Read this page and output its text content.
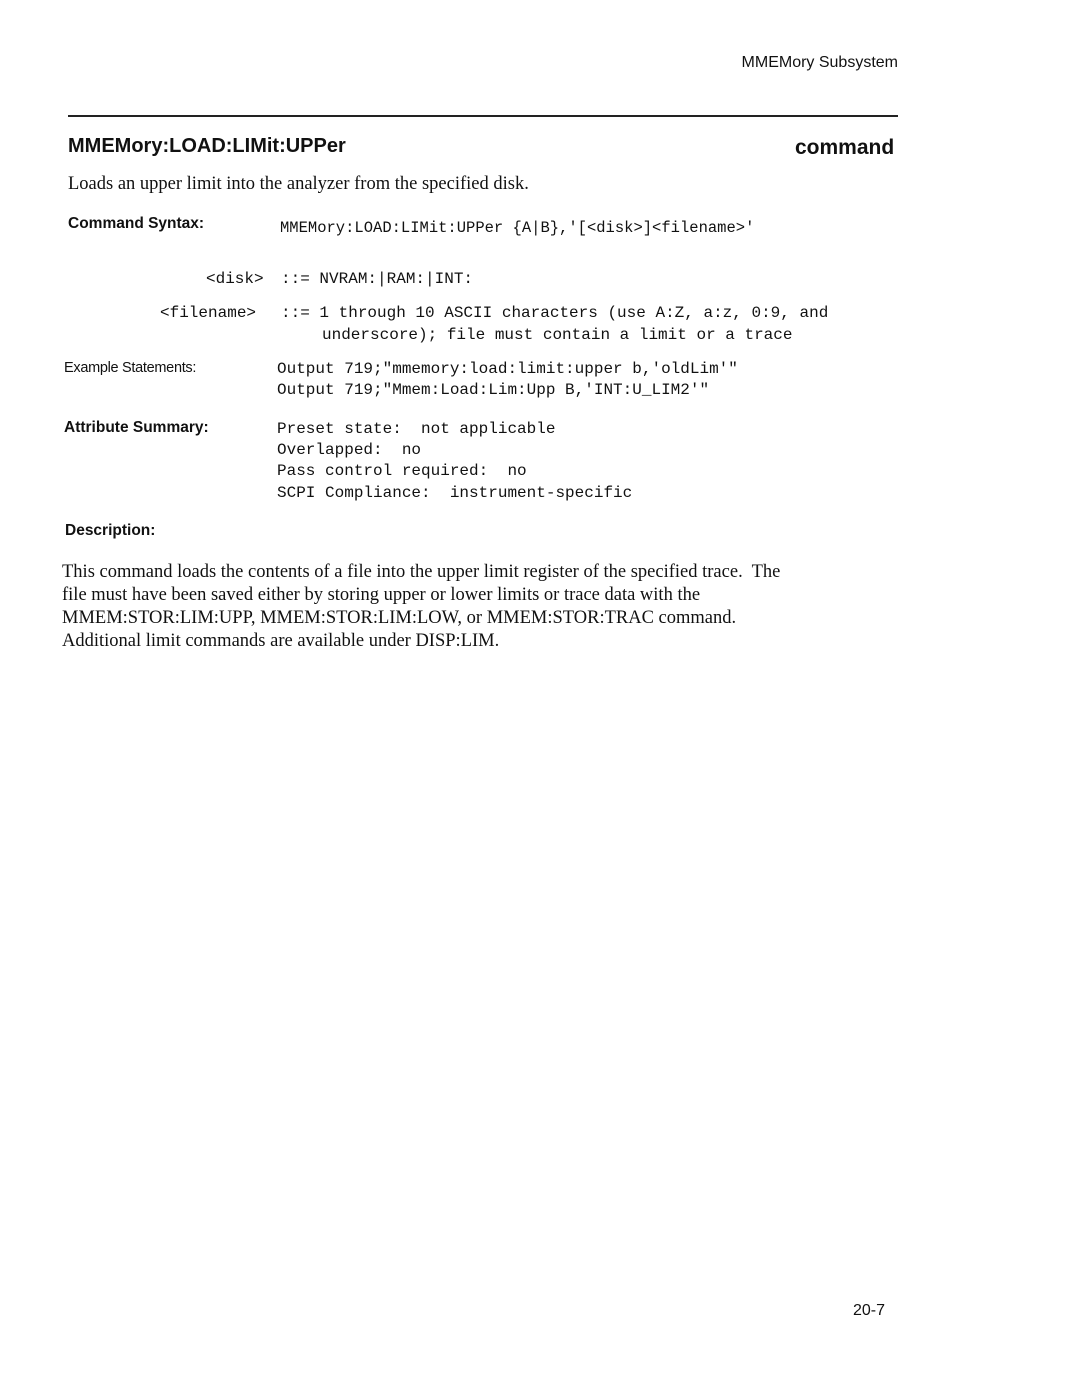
MMEMory Subsystem
MMEMory:LOAD:LIMit:UPPer	command
Loads an upper limit into the analyzer from the specified disk.
Command Syntax:	MMEMory:LOAD:LIMit:UPPer {A|B},'[<disk>]<filename>'
<disk> ::= NVRAM:|RAM:|INT:
<filename> ::= 1 through 10 ASCII characters (use A:Z, a:z, 0:9, and
underscore); file must contain a limit or a trace
Example Statements:	Output 719;"mmemory:load:limit:upper b,'oldLim'"
Output 719;"Mmem:Load:Lim:Upp B,'INT:U_LIM2'"
Attribute Summary:	Preset state:  not applicable
Overlapped:  no
Pass control required:  no
SCPI Compliance:  instrument-specific
Description:
This command loads the contents of a file into the upper limit register of the specified trace.  The
file must have been saved either by storing upper or lower limits or trace data with the
MMEM:STOR:LIM:UPP, MMEM:STOR:LIM:LOW, or MMEM:STOR:TRAC command.
Additional limit commands are available under DISP:LIM.
20-7
